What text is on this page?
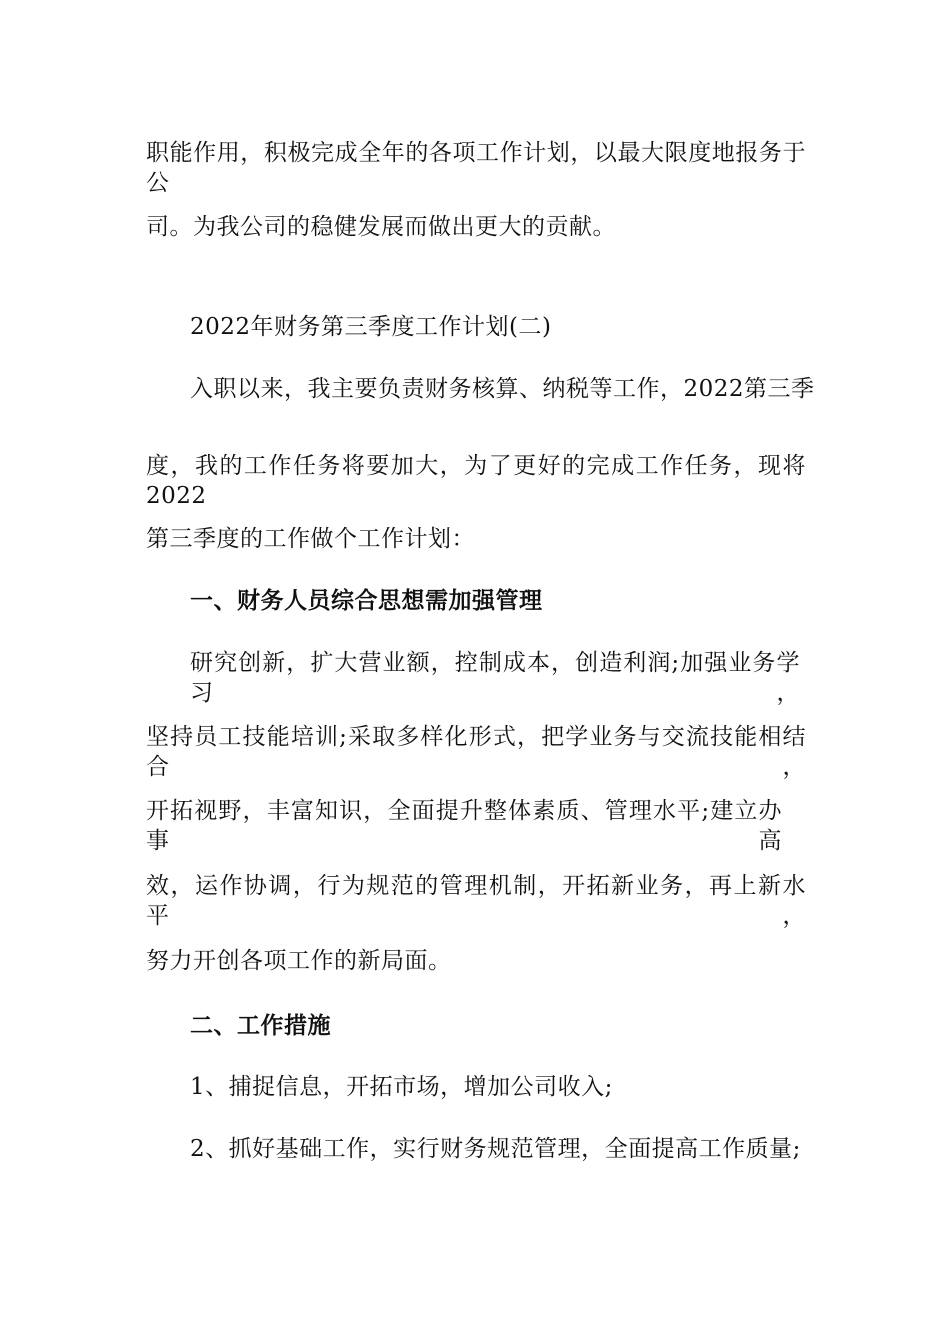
职能作用，积极完成全年的各项工作计划，以最大限度地报务于公
司。为我公司的稳健发展而做出更大的贡献。
2022年财务第三季度工作计划(二)
入职以来，我主要负责财务核算、纳税等工作，2022第三季
度，我的工作任务将要加大，为了更好的完成工作任务，现将2022
第三季度的工作做个工作计划：
一、财务人员综合思想需加强管理
研究创新，扩大营业额，控制成本，创造利润;加强业务学习，
坚持员工技能培训;采取多样化形式，把学业务与交流技能相结合，
开拓视野，丰富知识，全面提升整体素质、管理水平;建立办事高
效，运作协调，行为规范的管理机制，开拓新业务，再上新水平，
努力开创各项工作的新局面。
二、工作措施
1、捕捉信息，开拓市场，增加公司收入;
2、抓好基础工作，实行财务规范管理，全面提高工作质量;
